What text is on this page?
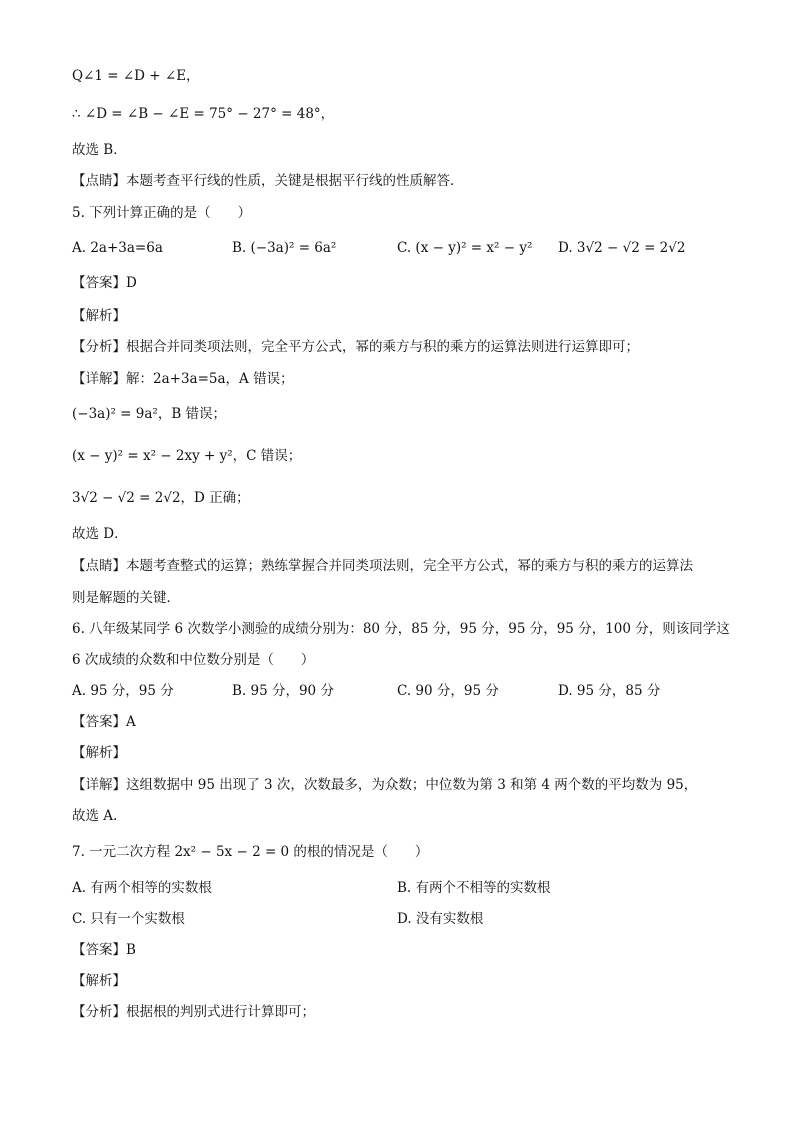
Q∠1 = ∠D + ∠E，
∴ ∠D = ∠B − ∠E = 75° − 27° = 48°，
故选 B．
【点睛】本题考查平行线的性质，关键是根据平行线的性质解答．
5. 下列计算正确的是（　　）
A. 2a+3a=6a	B. (−3a)² = 6a²	C. (x − y)² = x² − y² D. 3√2 − √2 = 2√2
【答案】D
【解析】
【分析】根据合并同类项法则，完全平方公式，幂的乘方与积的乘方的运算法则进行运算即可；
【详解】解：2a+3a=5a，A 错误；
(−3a)² = 9a²，B 错误；
(x − y)² = x² − 2xy + y²，C 错误；
3√2 − √2 = 2√2，D 正确；
故选 D．
【点睛】本题考查整式的运算；熟练掌握合并同类项法则，完全平方公式，幂的乘方与积的乘方的运算法
则是解题的关键．
6. 八年级某同学 6 次数学小测验的成绩分别为：80 分，85 分，95 分，95 分，95 分，100 分，则该同学这
6 次成绩的众数和中位数分别是（　　）
A. 95 分，95 分	B. 95 分，90 分	C. 90 分，95 分	D. 95 分，85 分
【答案】A
【解析】
【详解】这组数据中 95 出现了 3 次，次数最多，为众数；中位数为第 3 和第 4 两个数的平均数为 95，
故选 A.
7. 一元二次方程 2x² − 5x − 2 = 0 的根的情况是（　　）
A. 有两个相等的实数根	B. 有两个不相等的实数根
C. 只有一个实数根	D. 没有实数根
【答案】B
【解析】
【分析】根据根的判别式进行计算即可；
